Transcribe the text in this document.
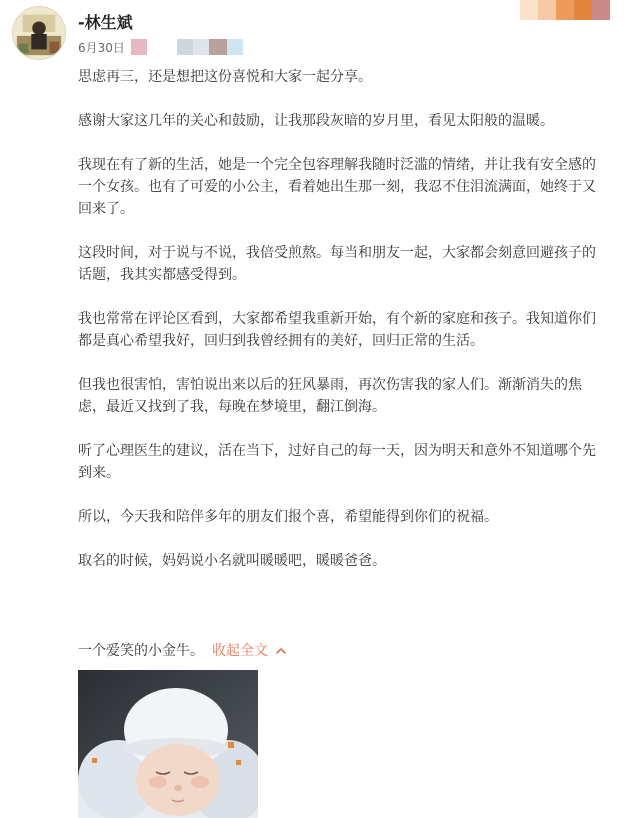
-林生斌
6月30日

思虑再三，还是想把这份喜悦和大家一起分享。

感谢大家这几年的关心和鼓励，让我那段灰暗的岁月里，看见太阳般的温暖。

我现在有了新的生活，她是一个完全包容理解我随时泛滥的情绪，并让我有安全感的一个女孩。也有了可爱的小公主，看着她出生那一刻，我忍不住泪流满面，她终于又回来了。

这段时间，对于说与不说，我倍受煎熬。每当和朋友一起，大家都会刻意回避孩子的话题，我其实都感受得到。

我也常常在评论区看到，大家都希望我重新开始，有个新的家庭和孩子。我知道你们都是真心希望我好，回归到我曾经拥有的美好，回归正常的生活。

但我也很害怕，害怕说出来以后的狂风暴雨，再次伤害我的家人们。渐渐消失的焦虑，最近又找到了我，每晚在梦境里，翻江倒海。

听了心理医生的建议，活在当下，过好自己的每一天，因为明天和意外不知道哪个先到来。

所以，今天我和陪伴多年的朋友们报个喜，希望能得到你们的祝福。

取名的时候，妈妈说小名就叫暖暖吧，暖暖爸爸。

一个爱笑的小金牛。 收起全文
